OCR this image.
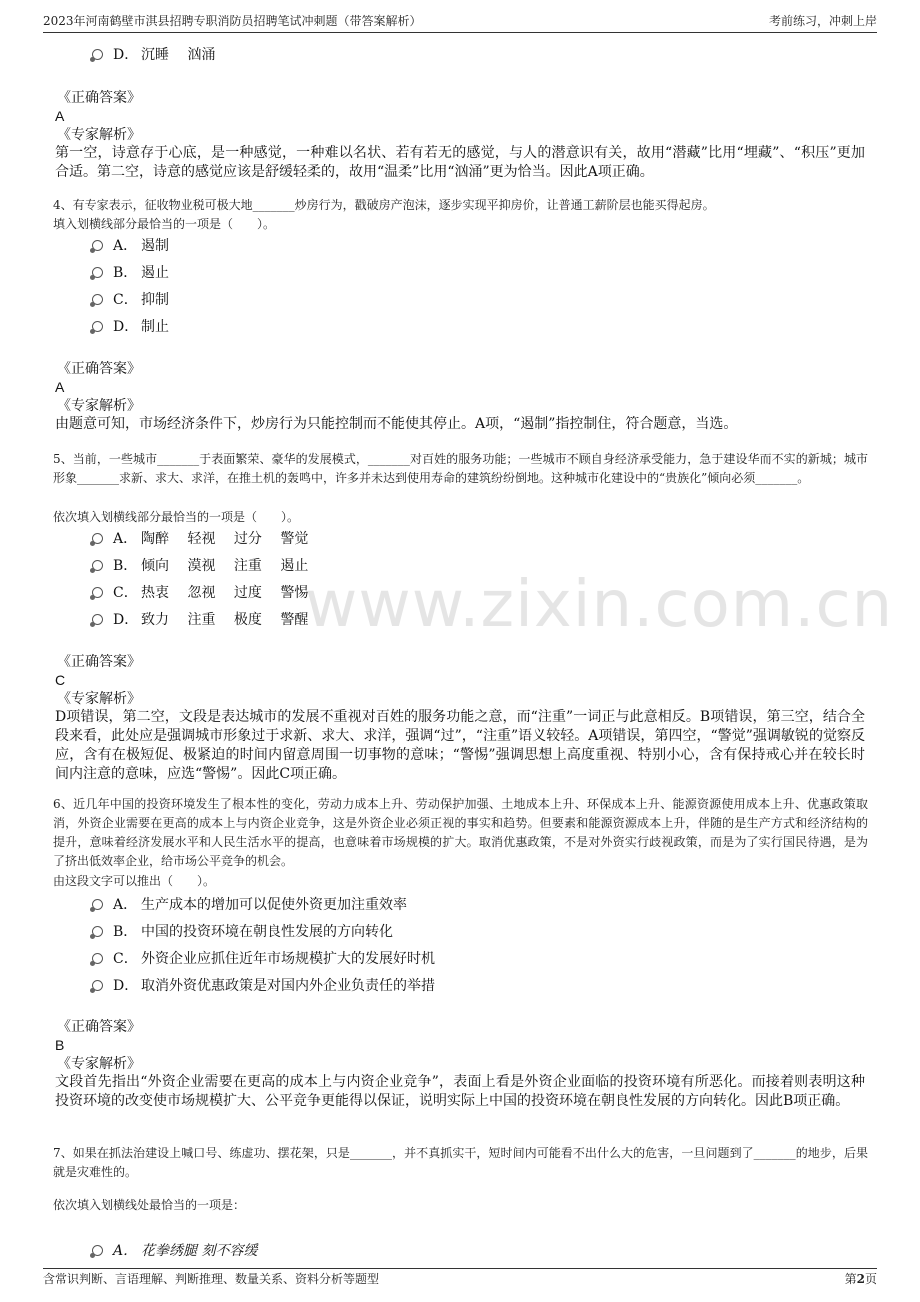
2023年河南鹤壁市淇县招聘专职消防员招聘笔试冲刺题（带答案解析）	考前练习，冲刺上岸
www.zixin.com.cn
D． 沉睡　 汹涌
《正确答案》
A
《专家解析》
第一空，诗意存于心底，是一种感觉，一种难以名状、若有若无的感觉，与人的潜意识有关，故用“潜藏”比用“埋藏”、“积压”更加合适。第二空，诗意的感觉应该是舒缓轻柔的，故用“温柔”比用“汹涌”更为恰当。因此A项正确。
4、有专家表示，征收物业税可极大地_______炒房行为，戳破房产泡沫，逐步实现平抑房价，让普通工薪阶层也能买得起房。
填入划横线部分最恰当的一项是（　　）。
A． 遏制
B． 遏止
C． 抑制
D． 制止
《正确答案》
A
《专家解析》
由题意可知，市场经济条件下，炒房行为只能控制而不能使其停止。A项，“遏制”指控制住，符合题意，当选。
5、当前，一些城市_______于表面繁荣、豪华的发展模式，_______对百姓的服务功能；一些城市不顾自身经济承受能力，急于建设华而不实的新城；城市形象_______求新、求大、求洋，在推土机的轰鸣中，许多并未达到使用寿命的建筑纷纷倒地。这种城市化建设中的“贵族化”倾向必须_______。
依次填入划横线部分最恰当的一项是（　　）。
A． 陶醉　 轻视　 过分　 警觉
B． 倾向　 漠视　 注重　 遏止
C． 热衷　 忽视　 过度　 警惕
D． 致力　 注重　 极度　 警醒
《正确答案》
C
《专家解析》
D项错误，第二空，文段是表达城市的发展不重视对百姓的服务功能之意，而“注重”一词正与此意相反。B项错误，第三空，结合全段来看，此处应是强调城市形象过于求新、求大、求洋，强调“过”，“注重”语义较轻。A项错误，第四空，“警觉”强调敏锐的觉察反应，含有在极短促、极紧迫的时间内留意周围一切事物的意味；“警惕”强调思想上高度重视、特别小心，含有保持戒心并在较长时间内注意的意味，应选“警惕”。因此C项正确。
6、近几年中国的投资环境发生了根本性的变化，劳动力成本上升、劳动保护加强、土地成本上升、环保成本上升、能源资源使用成本上升、优惠政策取消，外资企业需要在更高的成本上与内资企业竞争，这是外资企业必须正视的事实和趋势。但要素和能源资源成本上升，伴随的是生产方式和经济结构的提升，意味着经济发展水平和人民生活水平的提高，也意味着市场规模的扩大。取消优惠政策，不是对外资实行歧视政策，而是为了实行国民待遇，是为了挤出低效率企业，给市场公平竞争的机会。
由这段文字可以推出（　　）。
A． 生产成本的增加可以促使外资更加注重效率
B． 中国的投资环境在朝良性发展的方向转化
C． 外资企业应抓住近年市场规模扩大的发展好时机
D． 取消外资优惠政策是对国内外企业负责任的举措
《正确答案》
B
《专家解析》
文段首先指出“外资企业需要在更高的成本上与内资企业竞争”，表面上看是外资企业面临的投资环境有所恶化。而接着则表明这种投资环境的改变使市场规模扩大、公平竞争更能得以保证，说明实际上中国的投资环境在朝良性发展的方向转化。因此B项正确。
7、如果在抓法治建设上喊口号、练虚功、摆花架，只是_______，并不真抓实干，短时间内可能看不出什么大的危害，一旦问题到了_______的地步，后果就是灾难性的。
依次填入划横线处最恰当的一项是：
A． 花拳绣腿 刻不容缓
含常识判断、言语理解、判断推理、数量关系、资料分析等题型	第2页
